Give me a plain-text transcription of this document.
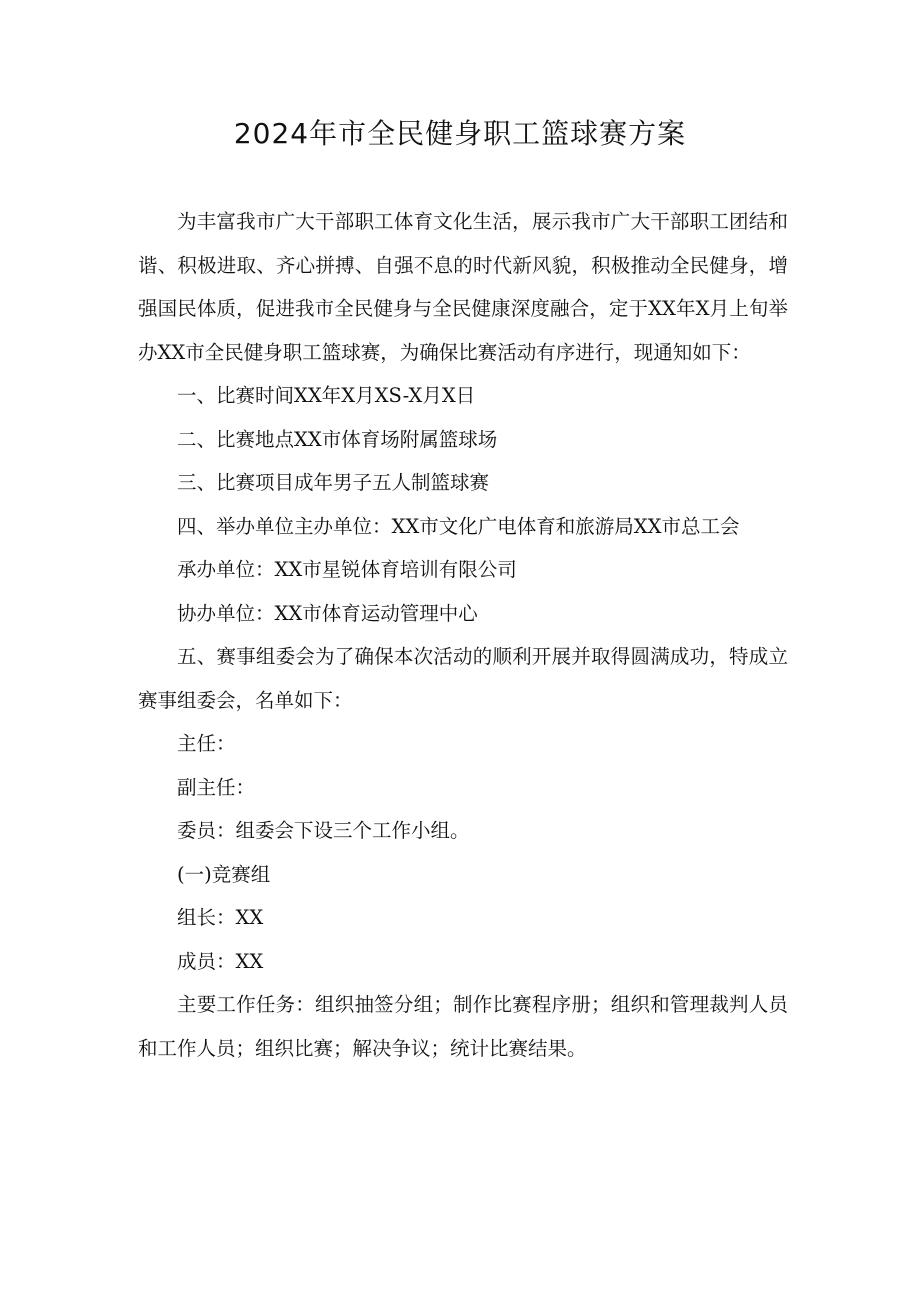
2024年市全民健身职工篮球赛方案

为丰富我市广大干部职工体育文化生活，展示我市广大干部职工团结和谐、积极进取、齐心拼搏、自强不息的时代新风貌，积极推动全民健身，增强国民体质，促进我市全民健身与全民健康深度融合，定于XX年X月上旬举办XX市全民健身职工篮球赛，为确保比赛活动有序进行，现通知如下：

一、比赛时间XX年X月XS-X月X日

二、比赛地点XX市体育场附属篮球场

三、比赛项目成年男子五人制篮球赛

四、举办单位主办单位：XX市文化广电体育和旅游局XX市总工会

承办单位：XX市星锐体育培训有限公司

协办单位：XX市体育运动管理中心

五、赛事组委会为了确保本次活动的顺利开展并取得圆满成功，特成立赛事组委会，名单如下：

主任：

副主任：

委员：组委会下设三个工作小组。

(一)竞赛组

组长：XX

成员：XX

主要工作任务：组织抽签分组；制作比赛程序册；组织和管理裁判人员和工作人员；组织比赛；解决争议；统计比赛结果。
